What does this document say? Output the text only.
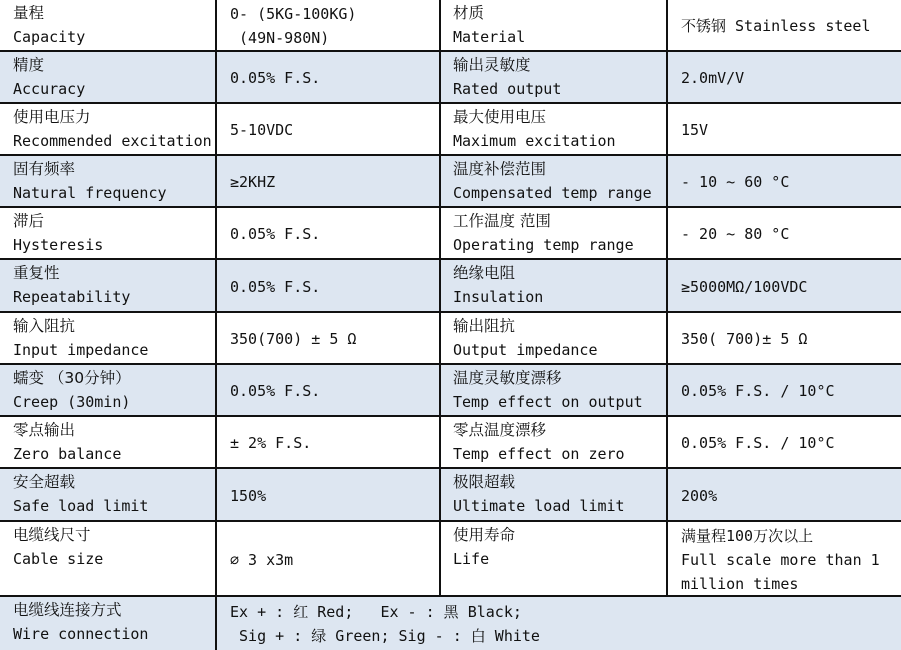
量程
Capacity
0- (5KG-100KG)
(49N-980N)
材质
Material
不锈钢 Stainless steel
精度
Accuracy
0.05% F.S.
输出灵敏度
Rated output
2.0mV/V
使用电压力
Recommended excitation
5-10VDC
最大使用电压
Maximum excitation
15V
固有频率
Natural frequency
≥2KHZ
温度补偿范围
Compensated temp range
- 10 ~ 60 °C
滞后
Hysteresis
0.05% F.S.
工作温度 范围
Operating temp range
- 20 ~ 80 °C
重复性
Repeatability
0.05% F.S.
绝缘电阻
Insulation
≥5000MΩ/100VDC
输入阻抗
Input impedance
350(700) ± 5 Ω
输出阻抗
Output impedance
350( 700)± 5 Ω
蠕变 （30分钟）
Creep (30min)
0.05% F.S.
温度灵敏度漂移
Temp effect on output
0.05% F.S. / 10°C
零点输出
Zero balance
± 2% F.S.
零点温度漂移
Temp effect on zero
0.05% F.S. / 10°C
安全超载
Safe load limit
150%
极限超载
Ultimate load limit
200%
电缆线尺寸
Cable size	⌀ 3 x3m
使用寿命
Life
满量程100万次以上
Full scale more than 1
million times
电缆线连接方式
Wire connection
Ex + : 红 Red;   Ex - : 黑 Black;
Sig + : 绿 Green; Sig - : 白 White
